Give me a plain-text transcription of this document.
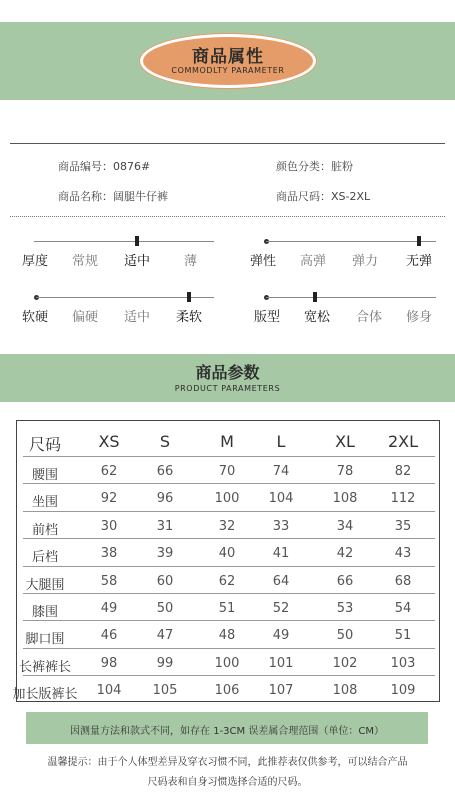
商品属性
COMMODLTY PARAMETER
商品编号：0876#	颜色分类：脏粉
商品名称：阔腿牛仔裤	商品尺码：XS-2XL
厚度 常规 适中	薄	弹性 高弹 弹力 无弹
软硬 偏硬 适中 柔软	版型 宽松 合体 修身
商品参数
PRODUCT PARAMETERS
尺码	XS	S	M	L	XL	2XL
腰围	62	66	70	74	78	82
坐围	92	96	100	104	108	112
前档	30	31	32	33	34	35
后档	38	39	40	41	42	43
大腿围	58	60	62	64	66	68
膝围	49	50	51	52	53	54
脚口围	46	47	48	49	50	51
长裤裤长	98	99	100	101	102	103
加长版裤长	104	105	106	107	108	109
因测量方法和款式不同，如存在 1-3CM 误差属合理范围（单位：CM）
温馨提示：由于个人体型差异及穿衣习惯不同，此推荐表仅供参考，可以结合产品
尺码表和自身习惯选择合适的尺码。
